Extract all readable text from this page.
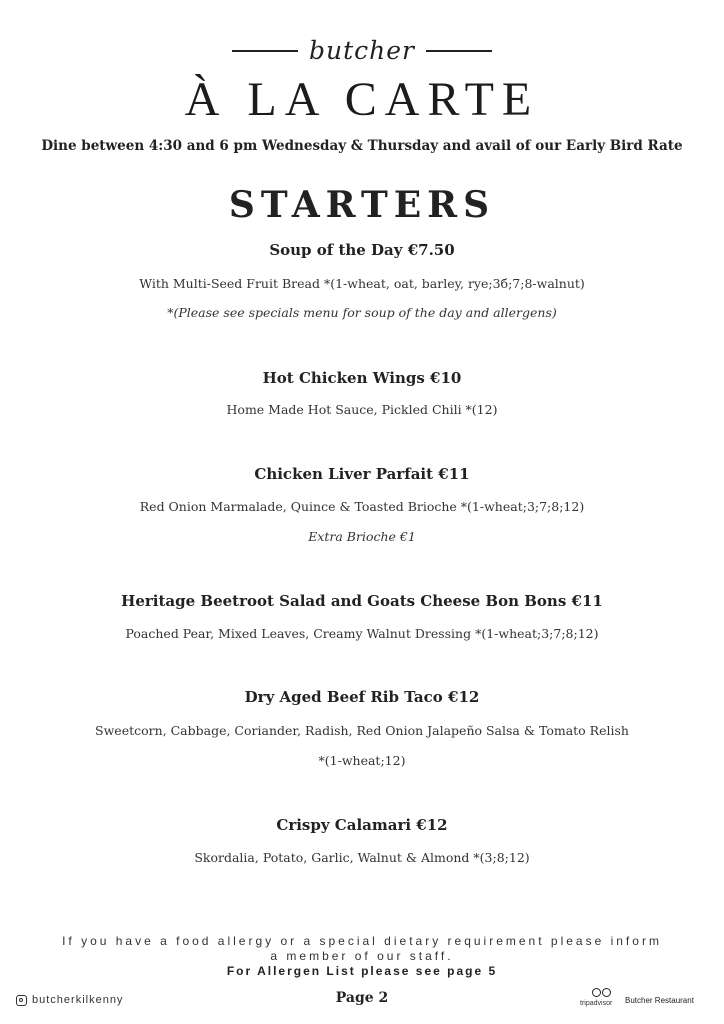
butcher
À LA CARTE
Dine between 4:30 and 6 pm Wednesday & Thursday and avail of our Early Bird Rate
STARTERS
Soup of the Day €7.50
With Multi-Seed Fruit Bread *(1-wheat, oat, barley, rye;3б;7;8-walnut)
*(Please see specials menu for soup of the day and allergens)
Hot Chicken Wings €10
Home Made Hot Sauce, Pickled Chili *(12)
Chicken Liver Parfait €11
Red Onion Marmalade, Quince & Toasted Brioche *(1-wheat;3;7;8;12)
Extra Brioche €1
Heritage Beetroot Salad and Goats Cheese Bon Bons €11
Poached Pear, Mixed Leaves, Creamy Walnut Dressing *(1-wheat;3;7;8;12)
Dry Aged Beef Rib Taco €12
Sweetcorn, Cabbage, Coriander, Radish, Red Onion Jalapeño Salsa & Tomato Relish
*(1-wheat;12)
Crispy Calamari €12
Skordalia, Potato, Garlic, Walnut & Almond *(3;8;12)
If you have a food allergy or a special dietary requirement please inform
a member of our staff.
For Allergen List please see page 5
butcherkilkenny	Page 2	tripadvisor Butcher Restaurant
